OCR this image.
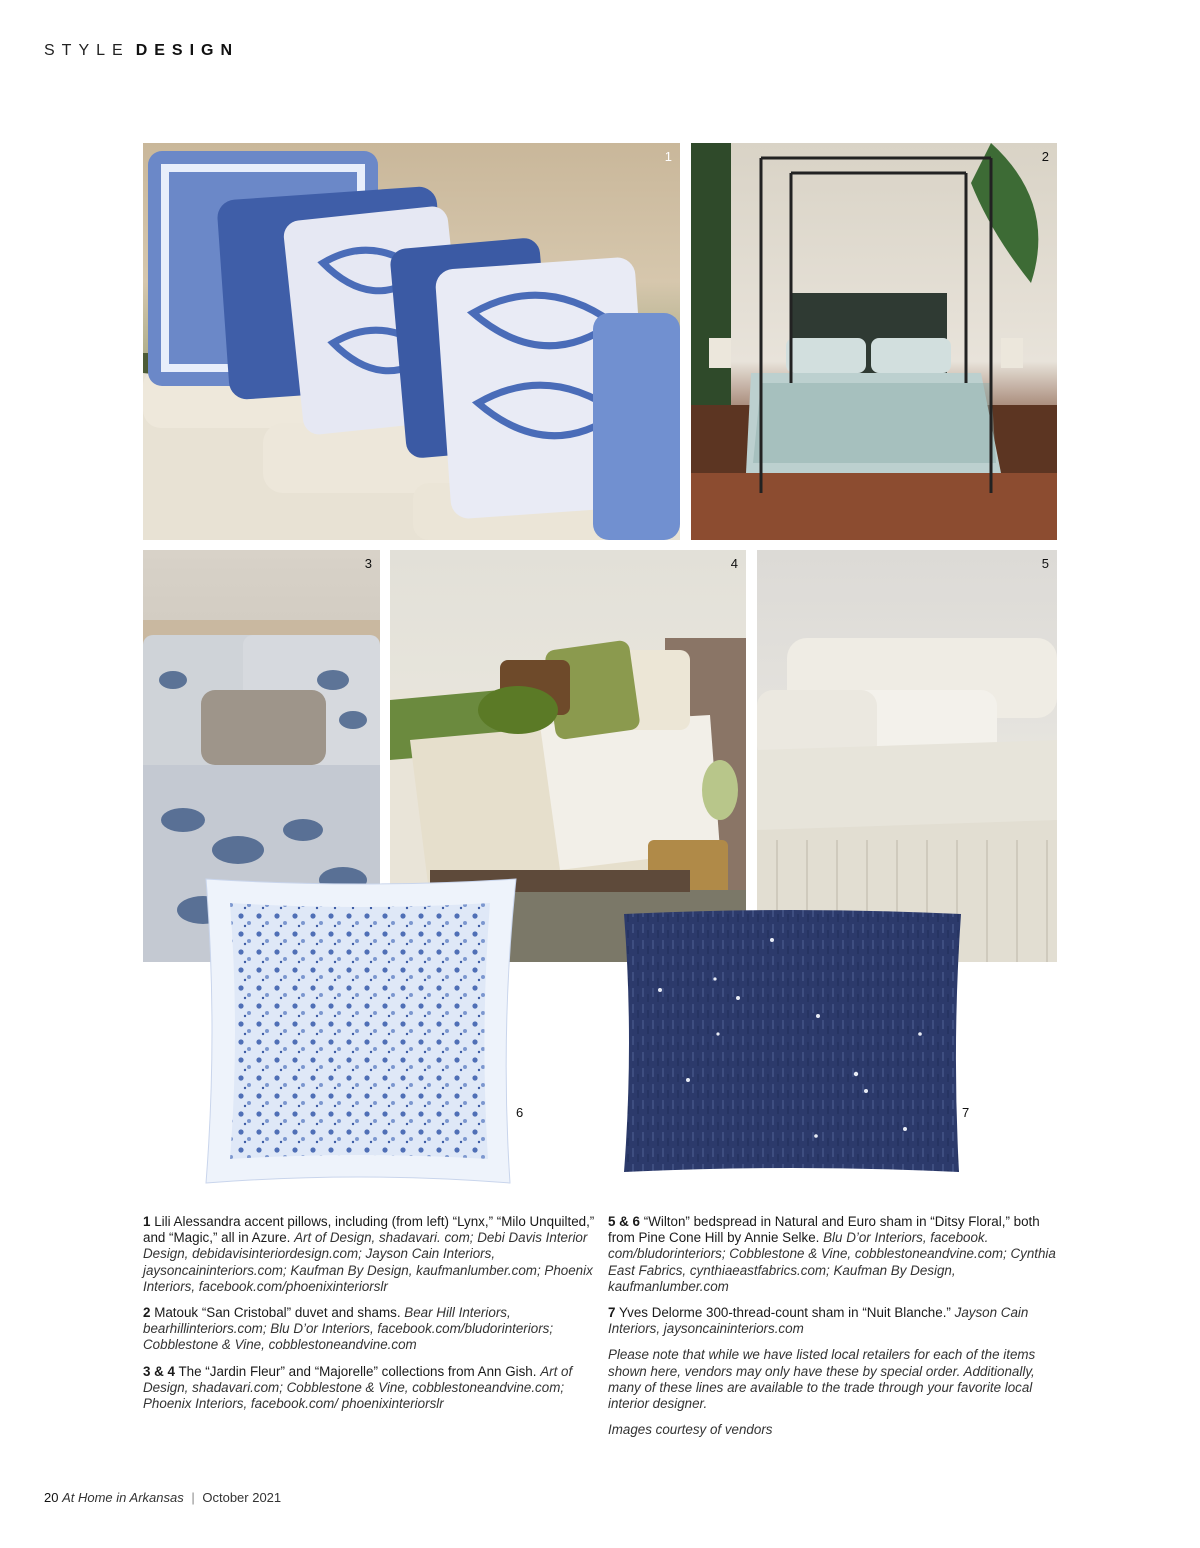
STYLE DESIGN
1	2
3	4	5
6	7

1 Lili Alessandra accent pillows, including (from left) “Lynx,” “Milo Unquilted,” and “Magic,” all in Azure. Art of Design, shadavari. com; Debi Davis Interior Design, debidavisinteriordesign.com; Jayson Cain Interiors, jaysoncaininteriors.com; Kaufman By Design, kaufmanlumber.com; Phoenix Interiors, facebook.com/phoenixinteriorslr

2 Matouk “San Cristobal” duvet and shams. Bear Hill Interiors, bearhillinteriors.com; Blu D’or Interiors, facebook.com/bludorinteriors; Cobblestone & Vine, cobblestoneandvine.com

3 & 4 The “Jardin Fleur” and “Majorelle” collections from Ann Gish. Art of Design, shadavari.com; Cobblestone & Vine, cobblestoneandvine.com; Phoenix Interiors, facebook.com/ phoenixinteriorslr

5 & 6 “Wilton” bedspread in Natural and Euro sham in “Ditsy Floral,” both from Pine Cone Hill by Annie Selke. Blu D’or Interiors, facebook. com/bludorinteriors; Cobblestone & Vine, cobblestoneandvine.com; Cynthia East Fabrics, cynthiaeastfabrics.com; Kaufman By Design, kaufmanlumber.com

7 Yves Delorme 300-thread-count sham in “Nuit Blanche.” Jayson Cain Interiors, jaysoncaininteriors.com

Please note that while we have listed local retailers for each of the items shown here, vendors may only have these by special order. Additionally, many of these lines are available to the trade through your favorite local interior designer.

Images courtesy of vendors

20 At Home in Arkansas | October 2021
